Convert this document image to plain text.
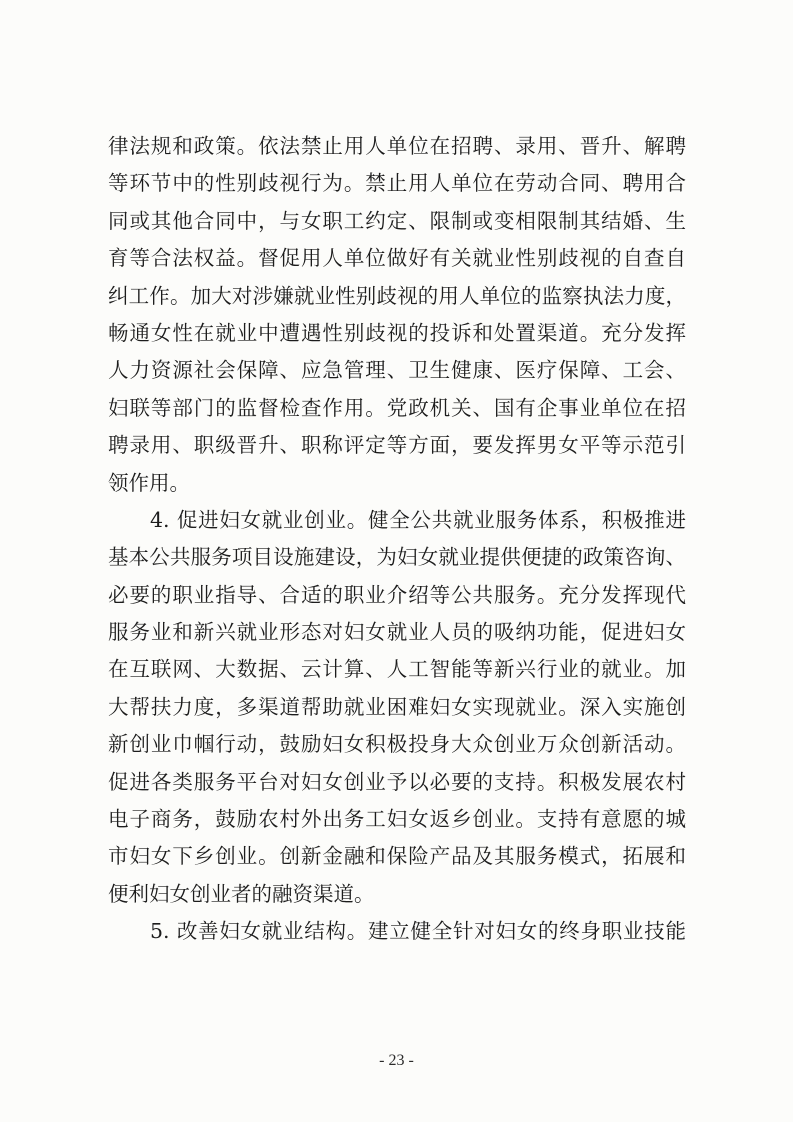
律法规和政策。依法禁止用人单位在招聘、录用、晋升、解聘
等环节中的性别歧视行为。禁止用人单位在劳动合同、聘用合
同或其他合同中，与女职工约定、限制或变相限制其结婚、生
育等合法权益。督促用人单位做好有关就业性别歧视的自查自
纠工作。加大对涉嫌就业性别歧视的用人单位的监察执法力度，
畅通女性在就业中遭遇性别歧视的投诉和处置渠道。充分发挥
人力资源社会保障、应急管理、卫生健康、医疗保障、工会、
妇联等部门的监督检查作用。党政机关、国有企事业单位在招
聘录用、职级晋升、职称评定等方面，要发挥男女平等示范引
领作用。
4. 促进妇女就业创业。健全公共就业服务体系，积极推进
基本公共服务项目设施建设，为妇女就业提供便捷的政策咨询、
必要的职业指导、合适的职业介绍等公共服务。充分发挥现代
服务业和新兴就业形态对妇女就业人员的吸纳功能，促进妇女
在互联网、大数据、云计算、人工智能等新兴行业的就业。加
大帮扶力度，多渠道帮助就业困难妇女实现就业。深入实施创
新创业巾帼行动，鼓励妇女积极投身大众创业万众创新活动。
促进各类服务平台对妇女创业予以必要的支持。积极发展农村
电子商务，鼓励农村外出务工妇女返乡创业。支持有意愿的城
市妇女下乡创业。创新金融和保险产品及其服务模式，拓展和
便利妇女创业者的融资渠道。
5. 改善妇女就业结构。建立健全针对妇女的终身职业技能
- 23 -
